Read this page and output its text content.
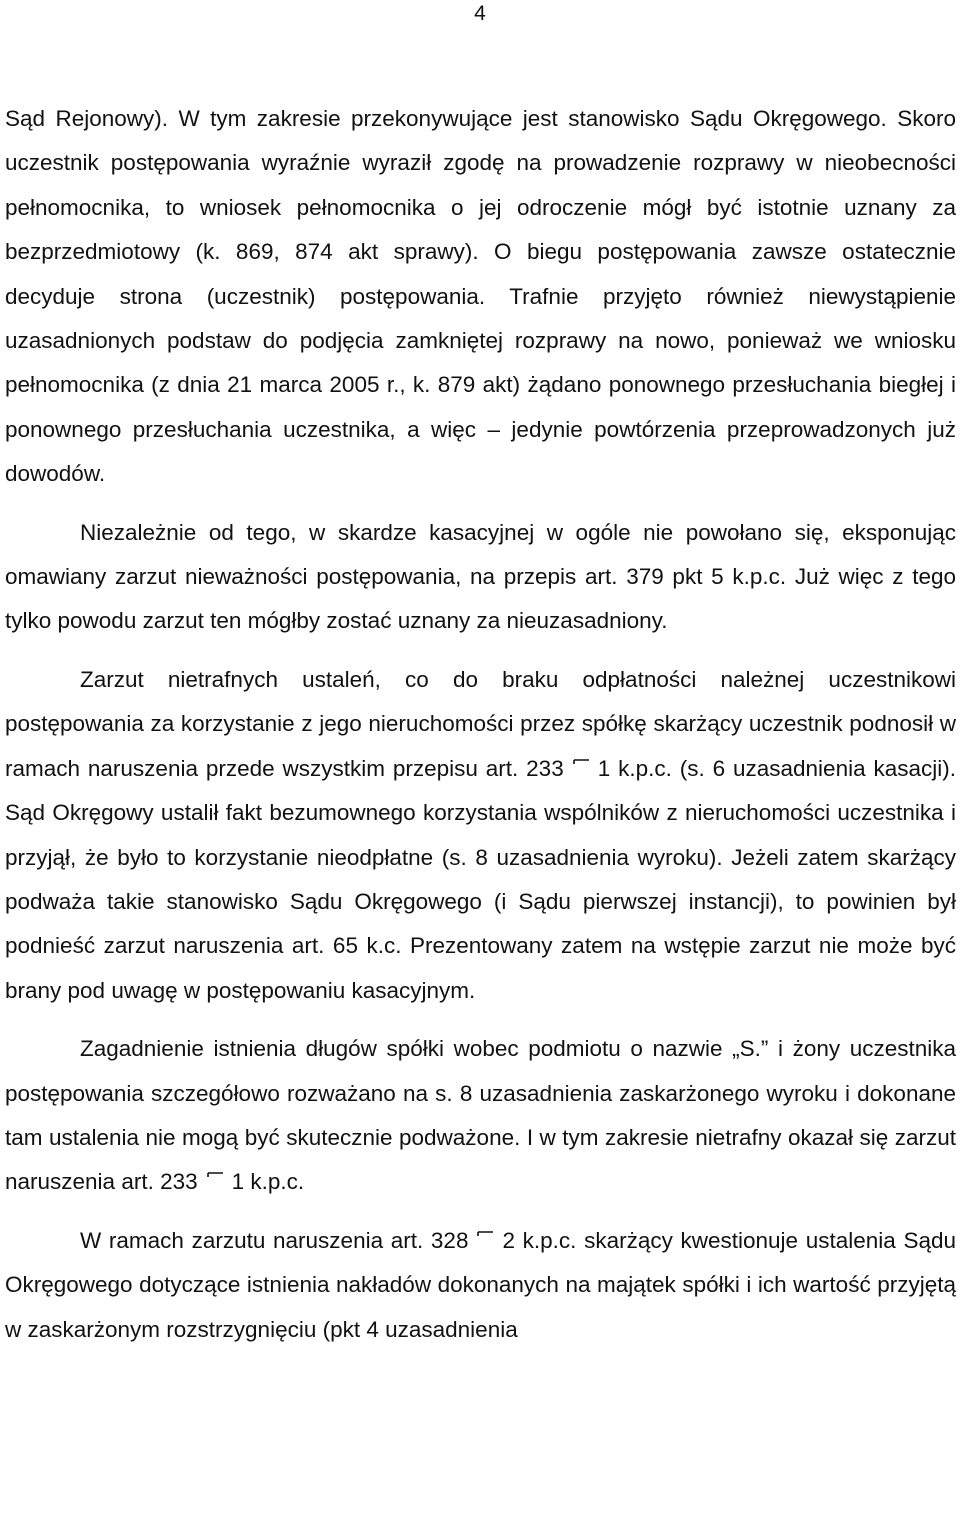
4

Sąd Rejonowy). W tym zakresie przekonywujące jest stanowisko Sądu Okręgowego. Skoro uczestnik postępowania wyraźnie wyraził zgodę na prowadzenie rozprawy w nieobecności pełnomocnika, to wniosek pełnomocnika o jej odroczenie mógł być istotnie uznany za bezprzedmiotowy (k. 869, 874 akt sprawy). O biegu postępowania zawsze ostatecznie decyduje strona (uczestnik) postępowania. Trafnie przyjęto również niewystąpienie uzasadnionych podstaw do podjęcia zamkniętej rozprawy na nowo, ponieważ we wniosku pełnomocnika (z dnia 21 marca 2005 r., k. 879 akt) żądano ponownego przesłuchania biegłej i ponownego przesłuchania uczestnika, a więc – jedynie powtórzenia przeprowadzonych już dowodów.

Niezależnie od tego, w skardze kasacyjnej w ogóle nie powołano się, eksponując omawiany zarzut nieważności postępowania, na przepis art. 379 pkt 5 k.p.c. Już więc z tego tylko powodu zarzut ten mógłby zostać uznany za nieuzasadniony.

Zarzut nietrafnych ustaleń, co do braku odpłatności należnej uczestnikowi postępowania za korzystanie z jego nieruchomości przez spółkę skarżący uczestnik podnosił w ramach naruszenia przede wszystkim przepisu art. 233 1 k.p.c. (s. 6 uzasadnienia kasacji). Sąd Okręgowy ustalił fakt bezumownego korzystania wspólników z nieruchomości uczestnika i przyjął, że było to korzystanie nieodpłatne (s. 8 uzasadnienia wyroku). Jeżeli zatem skarżący podważa takie stanowisko Sądu Okręgowego (i Sądu pierwszej instancji), to powinien był podnieść zarzut naruszenia art. 65 k.c. Prezentowany zatem na wstępie zarzut nie może być brany pod uwagę w postępowaniu kasacyjnym.

Zagadnienie istnienia długów spółki wobec podmiotu o nazwie „S.” i żony uczestnika postępowania szczegółowo rozważano na s. 8 uzasadnienia zaskarżonego wyroku i dokonane tam ustalenia nie mogą być skutecznie podważone. I w tym zakresie nietrafny okazał się zarzut naruszenia art. 233 1 k.p.c.

W ramach zarzutu naruszenia art. 328 2 k.p.c. skarżący kwestionuje ustalenia Sądu Okręgowego dotyczące istnienia nakładów dokonanych na majątek spółki i ich wartość przyjętą w zaskarżonym rozstrzygnięciu (pkt 4 uzasadnienia
